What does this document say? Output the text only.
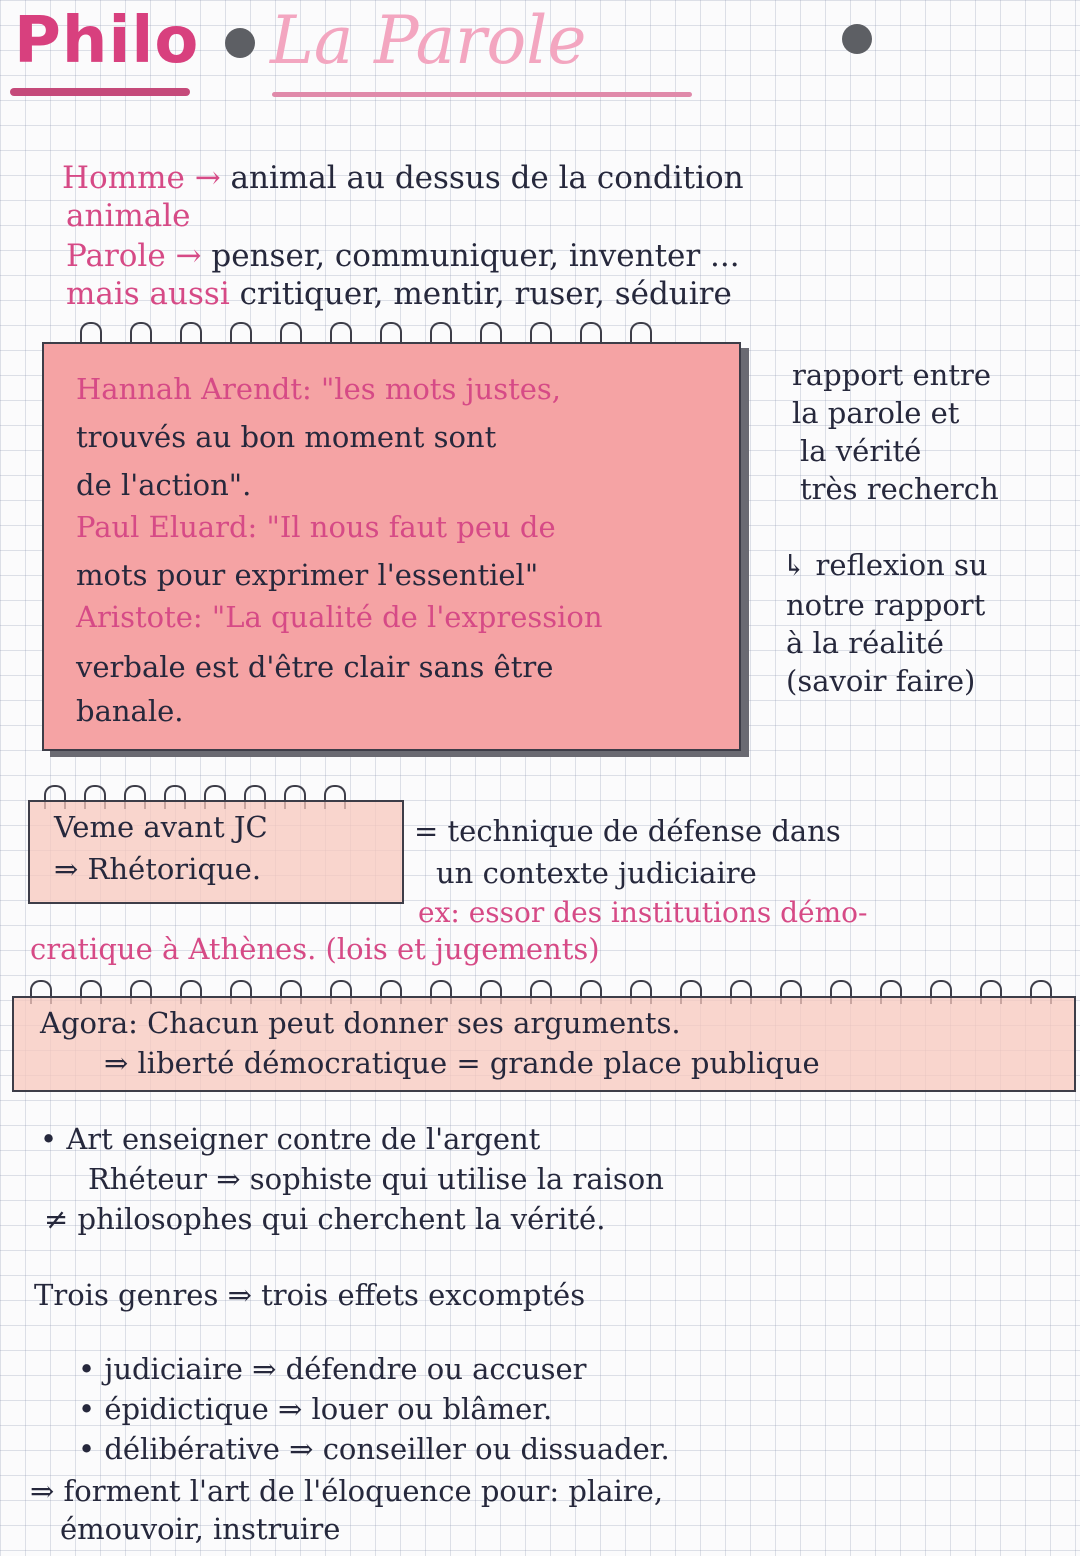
Philo La Parole
Homme → animal au dessus de la condition
animale
Parole → penser, communiquer, inventer ...
mais aussi critiquer, mentir, ruser, séduire
Hannah Arendt: "les mots justes,
trouvés au bon moment sont
de l'action".
Paul Eluard: "Il nous faut peu de
mots pour exprimer l'essentiel"
Aristote: "La qualité de l'expression
verbale est d'être clair sans être
banale.
rapport entre
la parole et
la vérité
très recherch
↳ reflexion su
notre rapport
à la réalité
(savoir faire)
Veme avant JC
⇒ Rhétorique.
= technique de défense dans
un contexte judiciaire
ex: essor des institutions démo-
cratique à Athènes. (lois et jugements)
Agora: Chacun peut donner ses arguments.
⇒ liberté démocratique = grande place publique
• Art enseigner contre de l'argent
Rhéteur ⇒ sophiste qui utilise la raison
≠ philosophes qui cherchent la vérité.
Trois genres ⇒ trois effets excomptés
• judiciaire ⇒ défendre ou accuser
• épidictique ⇒ louer ou blâmer.
• délibérative ⇒ conseiller ou dissuader.
⇒ forment l'art de l'éloquence pour: plaire,
émouvoir, instruire
